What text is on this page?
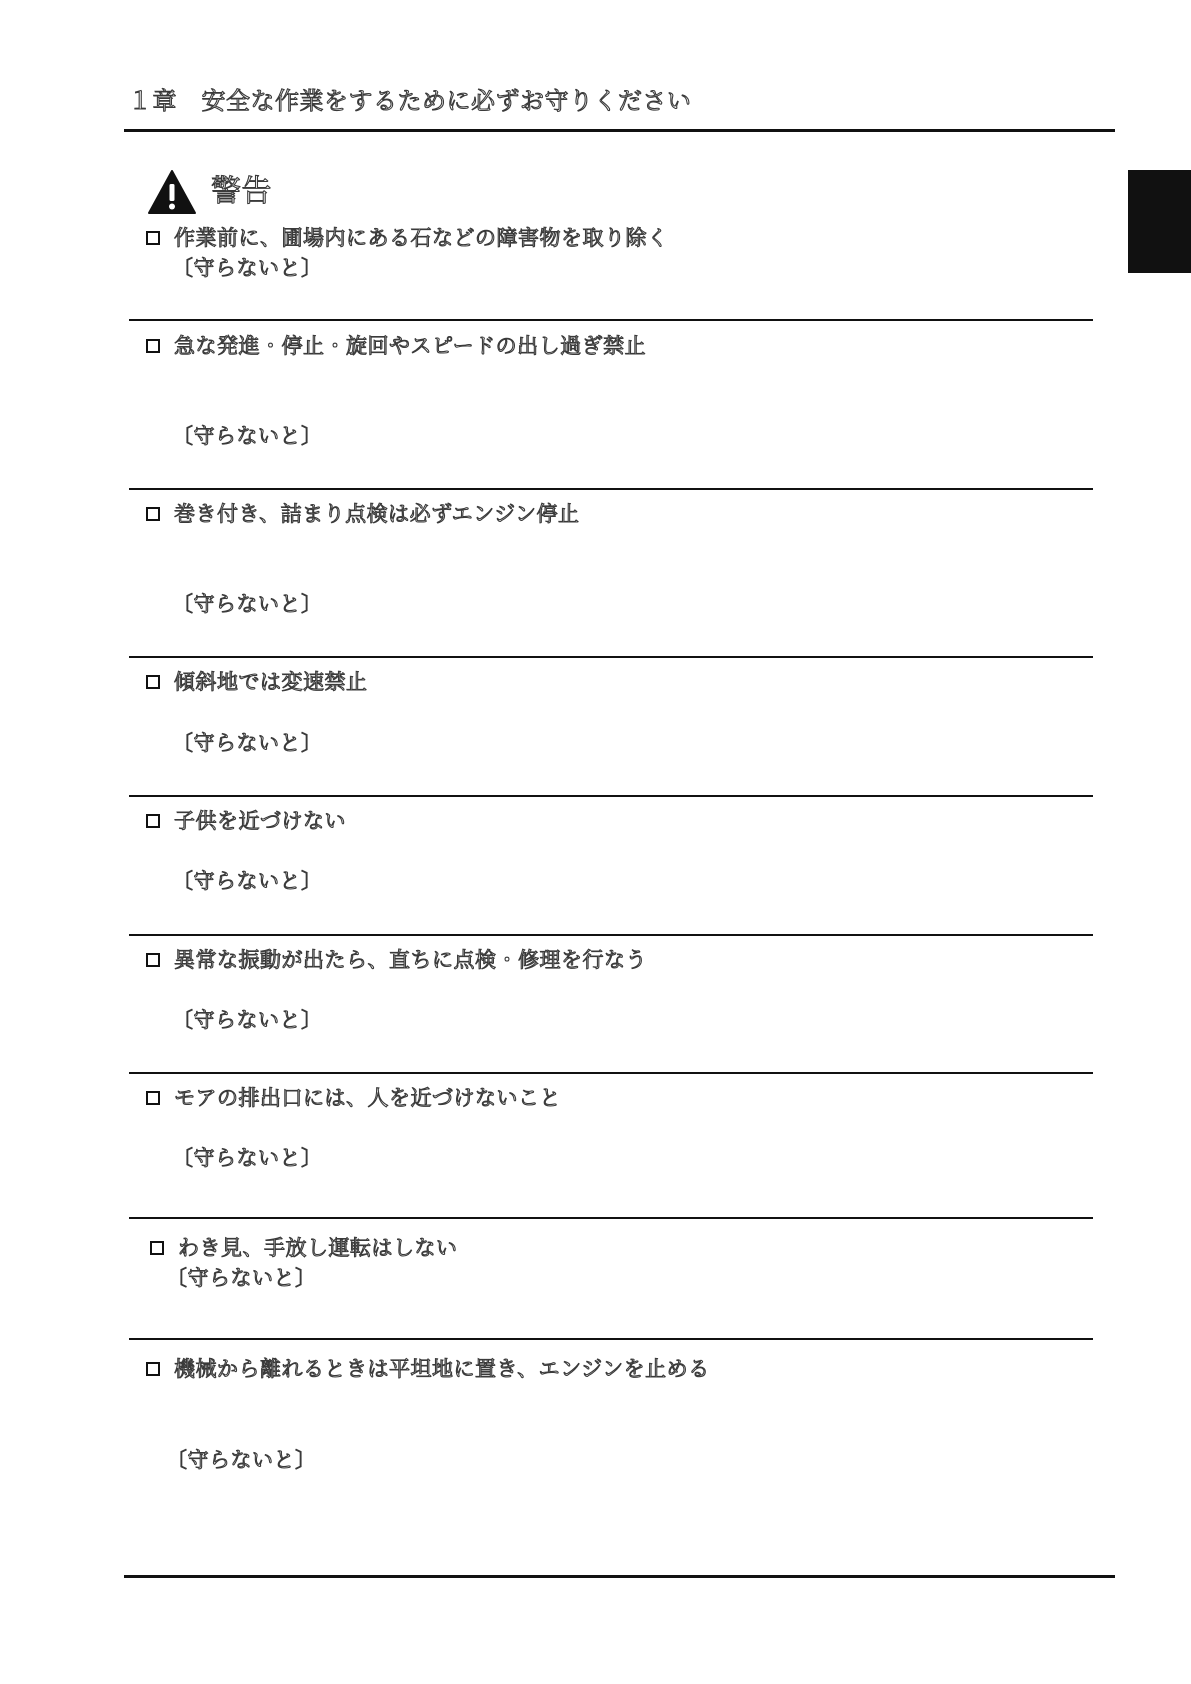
１章　安全な作業をするために必ずお守りください
警告
作業前に、圃場内にある石などの障害物を取り除く
〔守らないと〕
急な発進・停止・旋回やスピードの出し過ぎ禁止
〔守らないと〕
巻き付き、詰まり点検は必ずエンジン停止
〔守らないと〕
傾斜地では変速禁止
〔守らないと〕
子供を近づけない
〔守らないと〕
異常な振動が出たら、直ちに点検・修理を行なう
〔守らないと〕
モアの排出口には、人を近づけないこと
〔守らないと〕
わき見、手放し運転はしない
〔守らないと〕
機械から離れるときは平坦地に置き、エンジンを止める
〔守らないと〕
